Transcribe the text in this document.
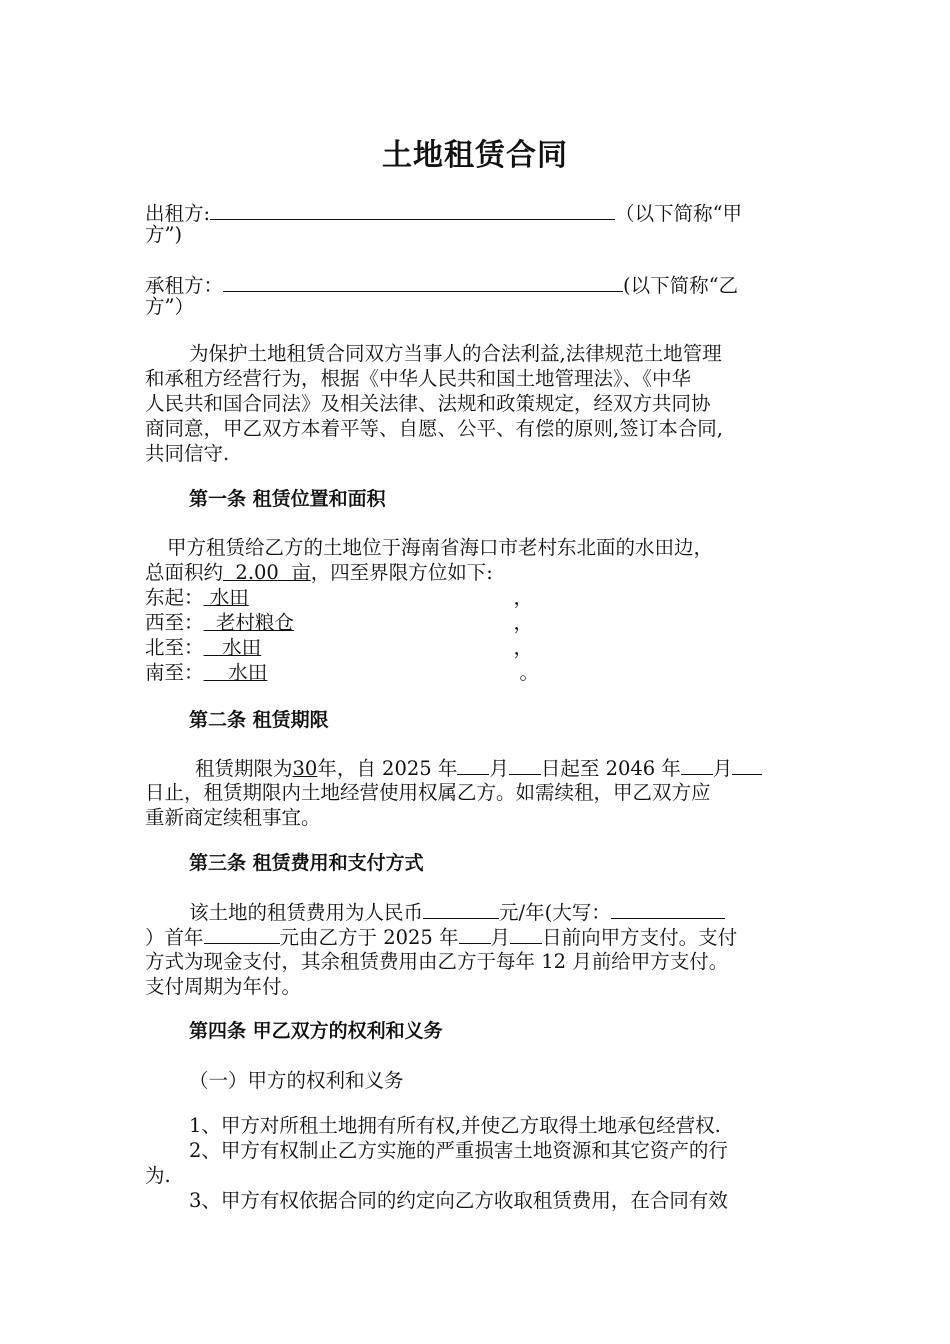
土地租赁合同
出租方:	（以下简称“甲
方”)
承租方：	(以下简称“乙
方”）
为保护土地租赁合同双方当事人的合法利益,法律规范土地管理
和承租方经营行为，根据《中华人民共和国土地管理法》、《中华
人民共和国合同法》及相关法律、法规和政策规定，经双方共同协
商同意，甲乙双方本着平等、自愿、公平、有偿的原则,签订本合同,
共同信守.
第一条 租赁位置和面积
甲方租赁给乙方的土地位于海南省海口市老村东北面的水田边，
总面积约  2.00  亩，四至界限方位如下:
东起： 水田	，
西至：  老村粮仓	，
北至：   水田	，
南至：    水田	。
第二条 租赁期限
租赁期限为30年，自 2025 年 月 日起至 2046 年 月
日止，租赁期限内土地经营使用权属乙方。如需续租，甲乙双方应
重新商定续租事宜。
第三条 租赁费用和支付方式
该土地的租赁费用为人民币	元/年(大写：
）首年	元由乙方于 2025 年 月 日前向甲方支付。支付
方式为现金支付，其余租赁费用由乙方于每年 12 月前给甲方支付。
支付周期为年付。
第四条 甲乙双方的权利和义务
（一）甲方的权利和义务
1、甲方对所租土地拥有所有权,并使乙方取得土地承包经营权.
2、甲方有权制止乙方实施的严重损害土地资源和其它资产的行
为.
3、甲方有权依据合同的约定向乙方收取租赁费用，在合同有效
